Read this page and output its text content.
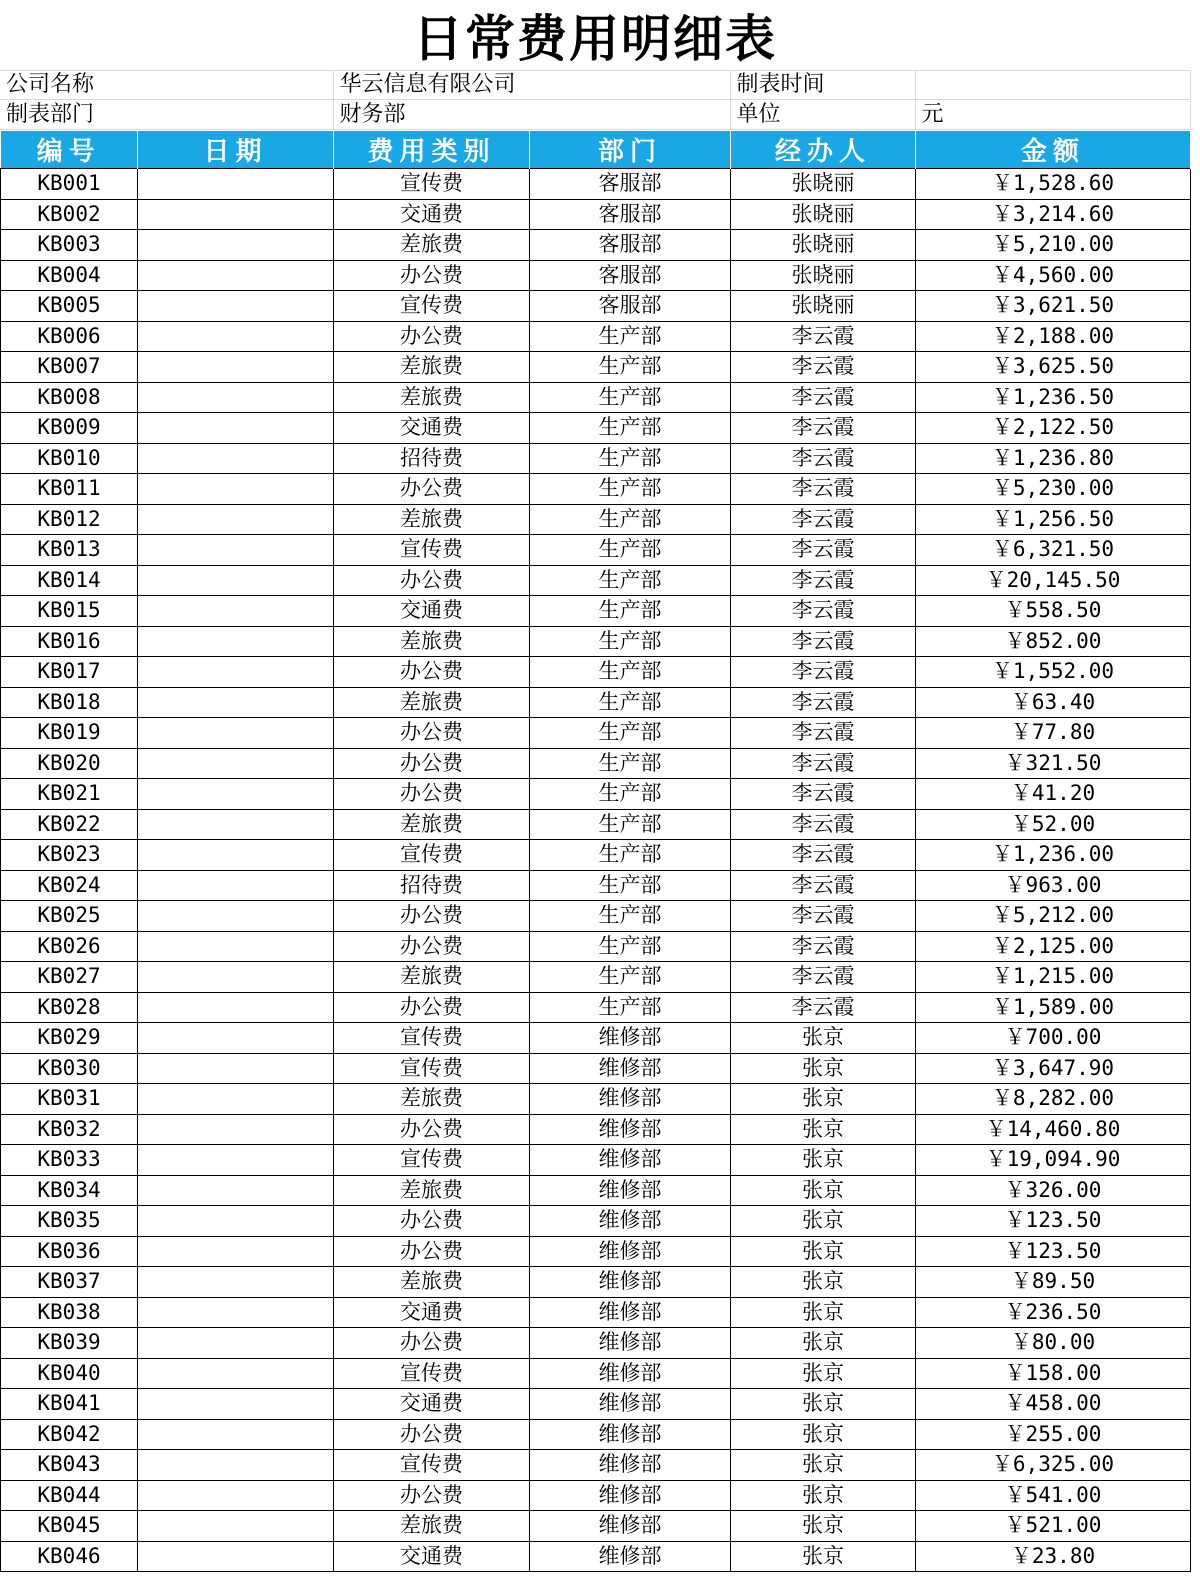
日常费用明细表
公司名称	华云信息有限公司	制表时间	
制表部门	财务部	单位	元
编号	日期	费用类别	部门	经办人	金额
KB001		宣传费	客服部	张晓丽	￥1,528.60
KB002		交通费	客服部	张晓丽	￥3,214.60
KB003		差旅费	客服部	张晓丽	￥5,210.00
KB004		办公费	客服部	张晓丽	￥4,560.00
KB005		宣传费	客服部	张晓丽	￥3,621.50
KB006		办公费	生产部	李云霞	￥2,188.00
KB007		差旅费	生产部	李云霞	￥3,625.50
KB008		差旅费	生产部	李云霞	￥1,236.50
KB009		交通费	生产部	李云霞	￥2,122.50
KB010		招待费	生产部	李云霞	￥1,236.80
KB011		办公费	生产部	李云霞	￥5,230.00
KB012		差旅费	生产部	李云霞	￥1,256.50
KB013		宣传费	生产部	李云霞	￥6,321.50
KB014		办公费	生产部	李云霞	￥20,145.50
KB015		交通费	生产部	李云霞	￥558.50
KB016		差旅费	生产部	李云霞	￥852.00
KB017		办公费	生产部	李云霞	￥1,552.00
KB018		差旅费	生产部	李云霞	￥63.40
KB019		办公费	生产部	李云霞	￥77.80
KB020		办公费	生产部	李云霞	￥321.50
KB021		办公费	生产部	李云霞	￥41.20
KB022		差旅费	生产部	李云霞	￥52.00
KB023		宣传费	生产部	李云霞	￥1,236.00
KB024		招待费	生产部	李云霞	￥963.00
KB025		办公费	生产部	李云霞	￥5,212.00
KB026		办公费	生产部	李云霞	￥2,125.00
KB027		差旅费	生产部	李云霞	￥1,215.00
KB028		办公费	生产部	李云霞	￥1,589.00
KB029		宣传费	维修部	张京	￥700.00
KB030		宣传费	维修部	张京	￥3,647.90
KB031		差旅费	维修部	张京	￥8,282.00
KB032		办公费	维修部	张京	￥14,460.80
KB033		宣传费	维修部	张京	￥19,094.90
KB034		差旅费	维修部	张京	￥326.00
KB035		办公费	维修部	张京	￥123.50
KB036		办公费	维修部	张京	￥123.50
KB037		差旅费	维修部	张京	￥89.50
KB038		交通费	维修部	张京	￥236.50
KB039		办公费	维修部	张京	￥80.00
KB040		宣传费	维修部	张京	￥158.00
KB041		交通费	维修部	张京	￥458.00
KB042		办公费	维修部	张京	￥255.00
KB043		宣传费	维修部	张京	￥6,325.00
KB044		办公费	维修部	张京	￥541.00
KB045		差旅费	维修部	张京	￥521.00
KB046		交通费	维修部	张京	￥23.80
